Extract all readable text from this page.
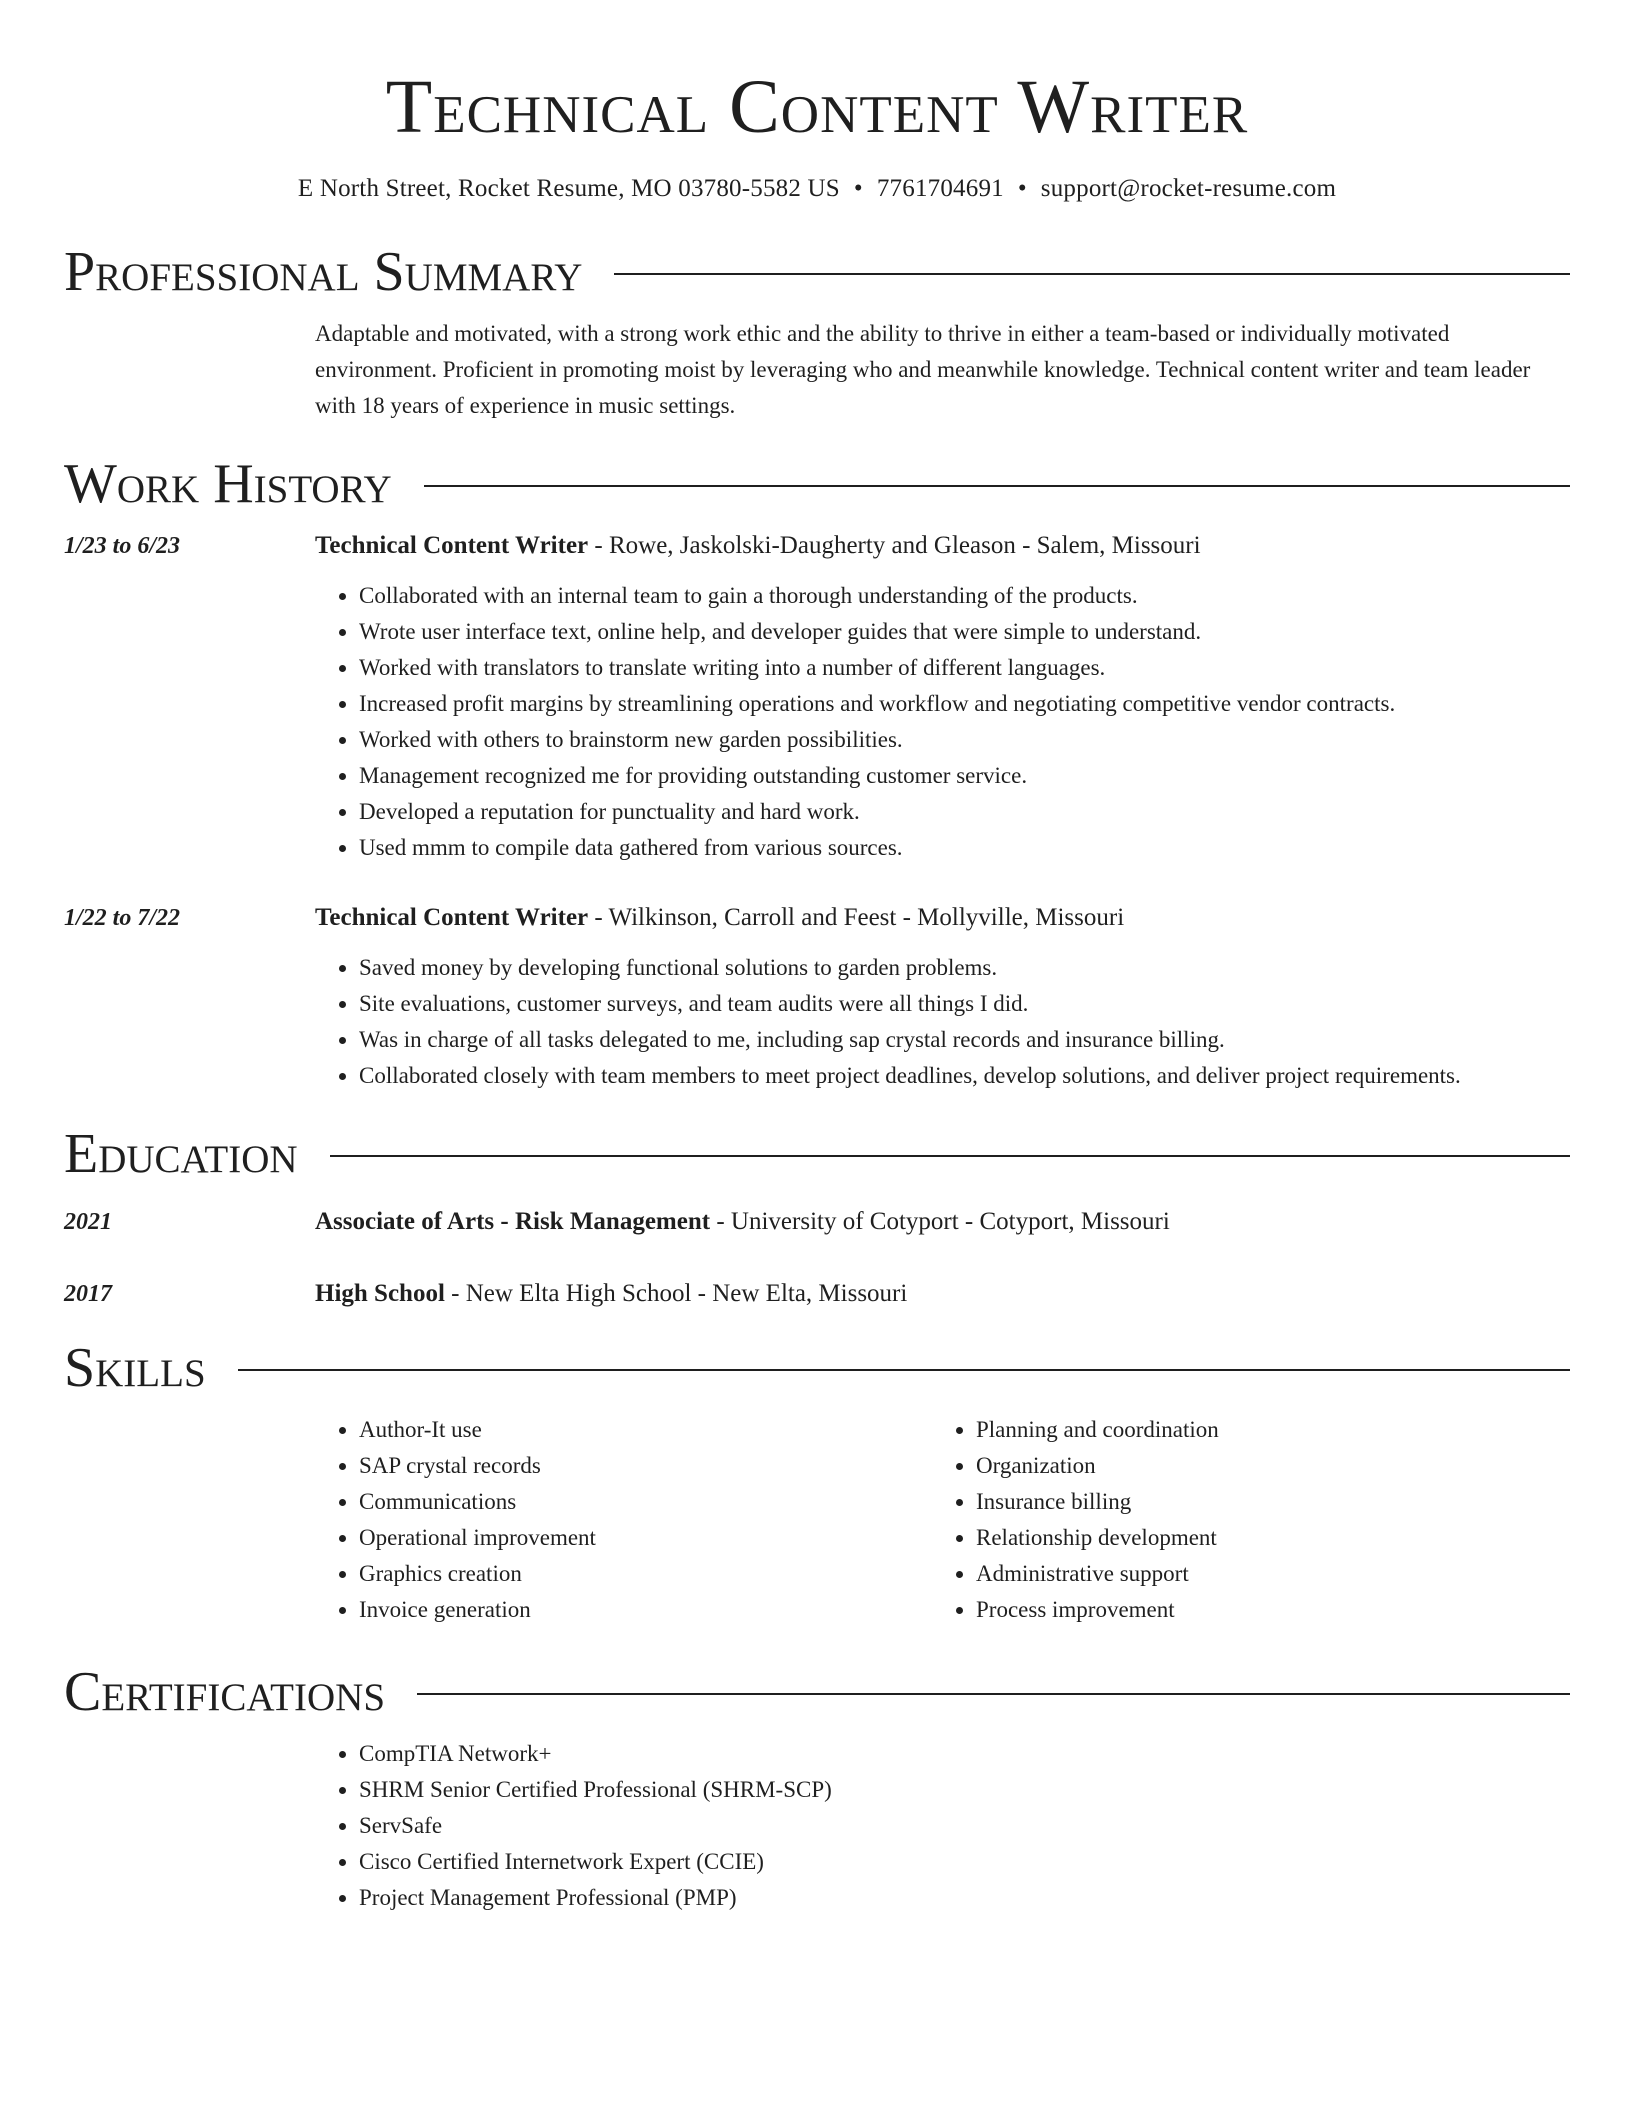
Technical Content Writer
E North Street, Rocket Resume, MO 03780-5582 US • 7761704691 • support@rocket-resume.com
Professional Summary
Adaptable and motivated, with a strong work ethic and the ability to thrive in either a team-based or individually motivated environment. Proficient in promoting moist by leveraging who and meanwhile knowledge. Technical content writer and team leader with 18 years of experience in music settings.
Work History
1/23 to 6/23	Technical Content Writer - Rowe, Jaskolski-Daugherty and Gleason - Salem, Missouri
• Collaborated with an internal team to gain a thorough understanding of the products.
• Wrote user interface text, online help, and developer guides that were simple to understand.
• Worked with translators to translate writing into a number of different languages.
• Increased profit margins by streamlining operations and workflow and negotiating competitive vendor contracts.
• Worked with others to brainstorm new garden possibilities.
• Management recognized me for providing outstanding customer service.
• Developed a reputation for punctuality and hard work.
• Used mmm to compile data gathered from various sources.
1/22 to 7/22	Technical Content Writer - Wilkinson, Carroll and Feest - Mollyville, Missouri
• Saved money by developing functional solutions to garden problems.
• Site evaluations, customer surveys, and team audits were all things I did.
• Was in charge of all tasks delegated to me, including sap crystal records and insurance billing.
• Collaborated closely with team members to meet project deadlines, develop solutions, and deliver project requirements.
Education
2021	Associate of Arts - Risk Management - University of Cotyport - Cotyport, Missouri
2017	High School - New Elta High School - New Elta, Missouri
Skills
• Author-It use
• SAP crystal records
• Communications
• Operational improvement
• Graphics creation
• Invoice generation
• Planning and coordination
• Organization
• Insurance billing
• Relationship development
• Administrative support
• Process improvement
Certifications
• CompTIA Network+
• SHRM Senior Certified Professional (SHRM-SCP)
• ServSafe
• Cisco Certified Internetwork Expert (CCIE)
• Project Management Professional (PMP)
